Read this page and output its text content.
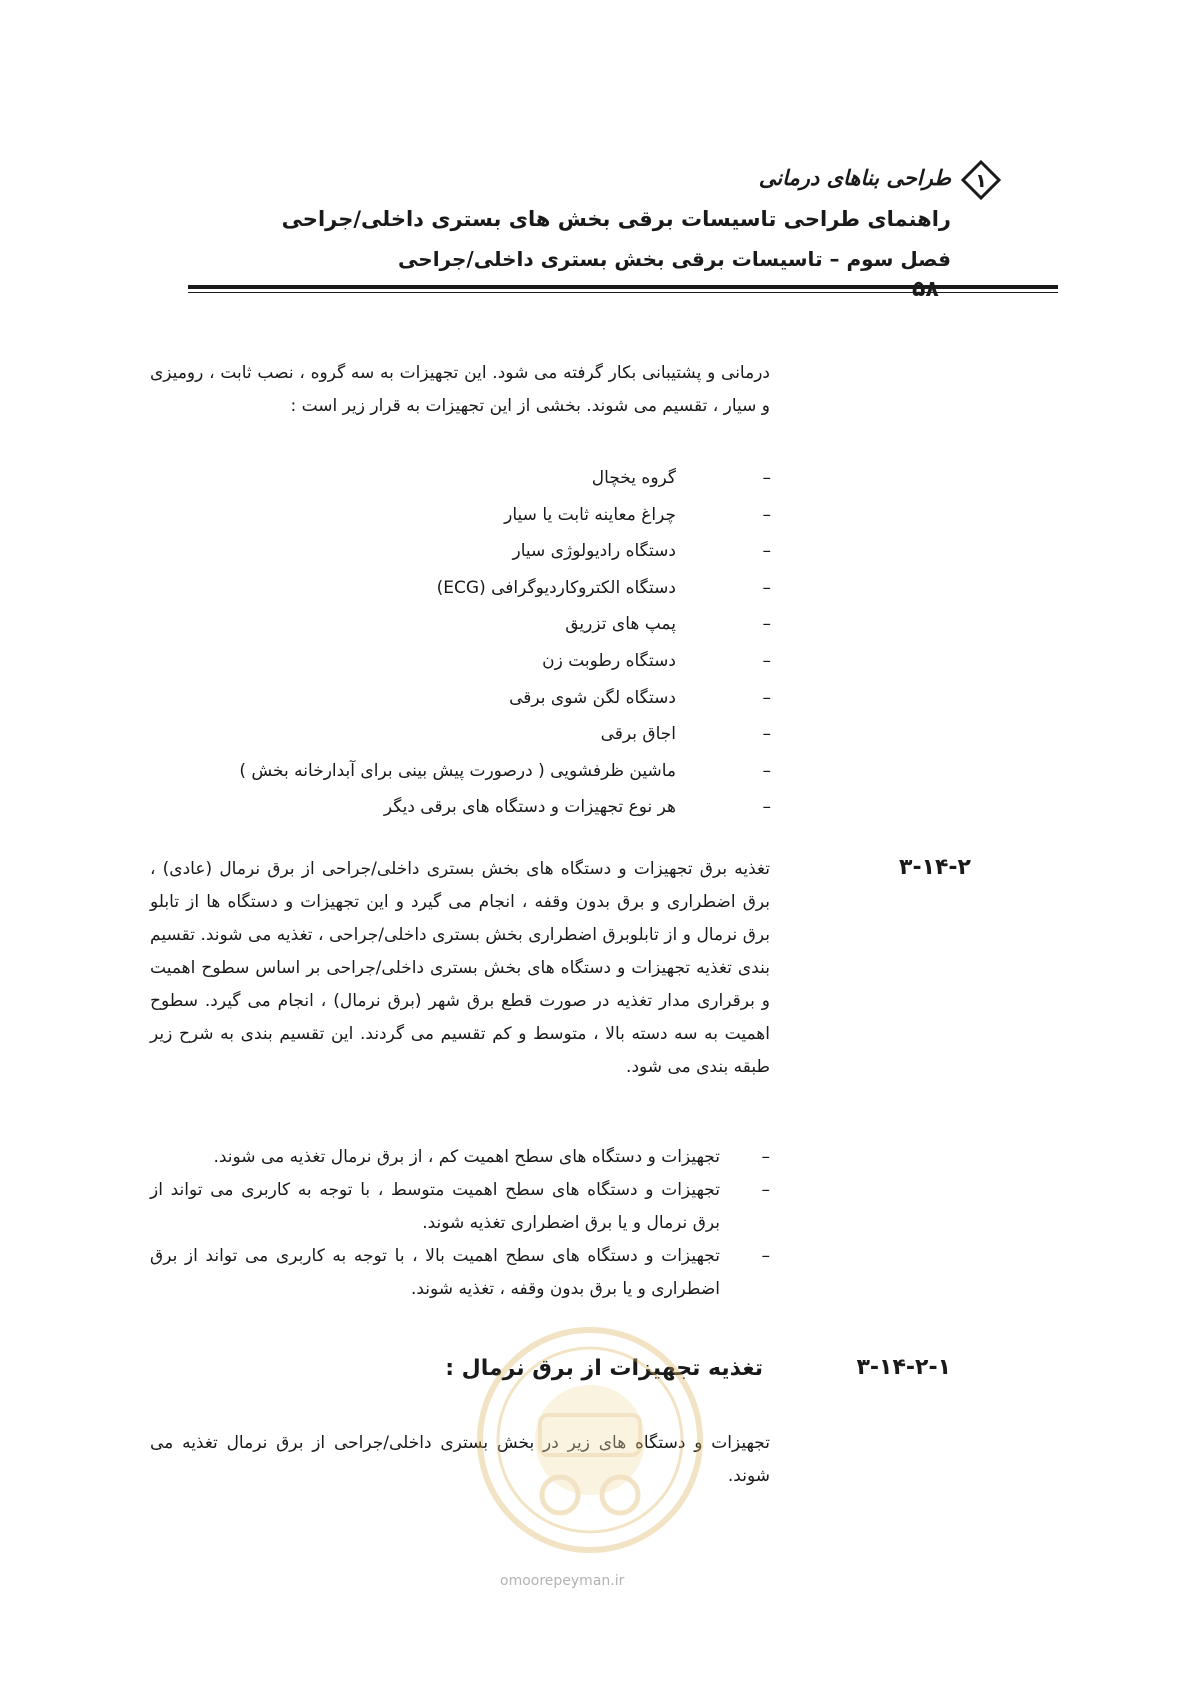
طراحی بناهای درمانی ۱
راهنمای طراحی تاسیسات برقی بخش های بستری داخلی/جراحی
فصل سوم – تاسیسات برقی بخش بستری داخلی/جراحی
۵۸
درمانی و پشتیبانی بکار گرفته می شود. این تجهیزات به سه گروه ، نصب ثابت ، رومیزی و سیار ، تقسیم می شوند. بخشی از این تجهیزات به قرار زیر است :
–
گروه یخچال
–
چراغ معاینه ثابت یا سیار
–
دستگاه رادیولوژی سیار
–
دستگاه الکتروکاردیوگرافی (ECG)
–
پمپ های تزریق
–
دستگاه رطوبت زن
–
دستگاه لگن شوی برقی
–
اجاق برقی
–
ماشین ظرفشویی ( درصورت پیش بینی برای آبدارخانه بخش )
–
هر نوع تجهیزات و دستگاه های برقی دیگر
۳-۱۴-۲
تغذیه برق تجهیزات و دستگاه های بخش بستری داخلی/جراحی از برق نرمال (عادی) ، برق اضطراری و برق بدون وقفه ، انجام می گیرد و این تجهیزات و دستگاه ها از تابلو برق نرمال و از تابلوبرق اضطراری بخش بستری داخلی/جراحی ، تغذیه می شوند. تقسیم بندی تغذیه تجهیزات و دستگاه های بخش بستری داخلی/جراحی بر اساس سطوح اهمیت و برقراری مدار تغذیه در صورت قطع برق شهر (برق نرمال) ، انجام می گیرد. سطوح اهمیت به سه دسته بالا ، متوسط و کم تقسیم می گردند. این تقسیم بندی به شرح زیر طبقه بندی می شود.
–
تجهیزات و دستگاه های سطح اهمیت کم ، از برق نرمال تغذیه می شوند.
–
تجهیزات و دستگاه های سطح اهمیت متوسط ، با توجه به کاربری می تواند از برق نرمال و یا برق اضطراری تغذیه شوند.
–
تجهیزات و دستگاه های سطح اهمیت بالا ، با توجه به کاربری می تواند از برق اضطراری و یا برق بدون وقفه ، تغذیه شوند.
۳-۱۴-۲-۱
تغذیه تجهیزات از برق نرمال :
تجهیزات و دستگاه های زیر در بخش بستری داخلی/جراحی از برق نرمال تغذیه می شوند.
omoorepeyman.ir
